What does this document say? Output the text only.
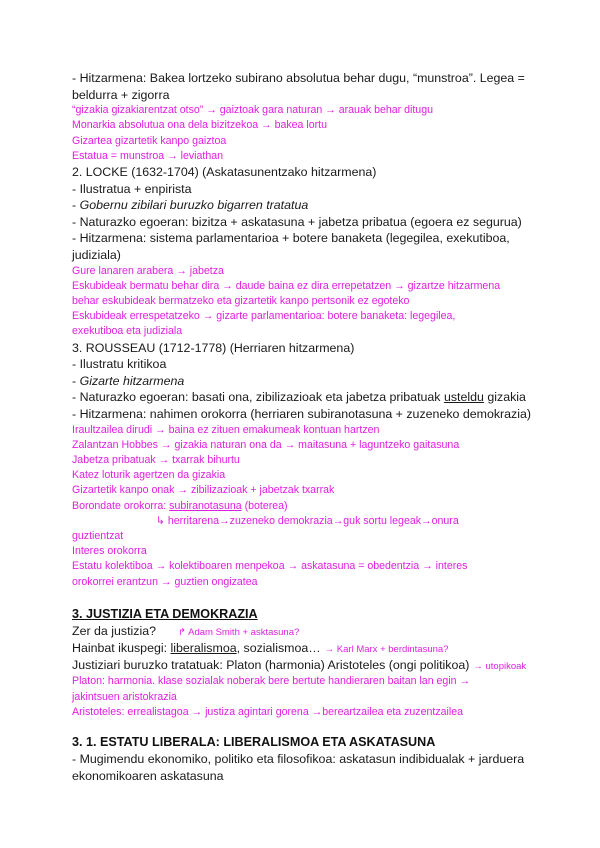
- Hitzarmena: Bakea lortzeko subirano absolutua behar dugu, “munstroa”. Legea =
beldurra + zigorra
“gizakia gizakiarentzat otso” → gaiztoak gara naturan → arauak behar ditugu
Monarkia absolutua ona dela bizitzekoa → bakea lortu
Gizartea gizartetik kanpo gaiztoa
Estatua = munstroa → leviathan
2. LOCKE (1632-1704) (Askatasunentzako hitzarmena)
- Ilustratua + enpirista
- Gobernu zibilari buruzko bigarren tratatua
- Naturazko egoeran: bizitza + askatasuna + jabetza pribatua (egoera ez segurua)
- Hitzarmena: sistema parlamentarioa + botere banaketa (legegilea, exekutiboa,
judiziala)
Gure lanaren arabera → jabetza
Eskubideak bermatu behar dira → daude baina ez dira errepetatzen → gizartze hitzarmena
behar eskubideak bermatzeko eta gizartetik kanpo pertsonik ez egoteko
Eskubideak errespetatzeko → gizarte parlamentarioa: botere banaketa: legegilea,
exekutiboa eta judiziala
3. ROUSSEAU (1712-1778) (Herriaren hitzarmena)
- Ilustratu kritikoa
- Gizarte hitzarmena
- Naturazko egoeran: basati ona, zibilizazioak eta jabetza pribatuak usteldu gizakia
- Hitzarmena: nahimen orokorra (herriaren subiranotasuna + zuzeneko demokrazia)
Iraultzailea dirudi → baina ez zituen emakumeak kontuan hartzen
Zalantzan Hobbes → gizakia naturan ona da → maitasuna + laguntzeko gaitasuna
Jabetza pribatuak → txarrak bihurtu
Katez loturik agertzen da gizakia
Gizartetik kanpo onak → zibilizazioak + jabetzak txarrak
Borondate orokorra: subiranotasuna (boterea)
↳ herritarena→zuzeneko demokrazia→guk sortu legeak→onura
guztientzat
Interes orokorra
Estatu kolektiboa → kolektiboaren menpekoa → askatasuna = obedentzia → interes
orokorrei erantzun → guztien ongizatea
3. JUSTIZIA ETA DEMOKRAZIA
Zer da justizia? ↱ Adam Smith + asktasuna?
Hainbat ikuspegi: liberalismoa, sozialismoa… → Karl Marx + berdintasuna?
Justiziari buruzko tratatuak: Platon (harmonia) Aristoteles (ongi politikoa) → utopikoak
Platon: harmonia. klase sozialak noberak bere bertute handieraren baitan lan egin →
jakintsuen aristokrazia
Aristoteles: errealistagoa → justiza agintari gorena →bereartzailea eta zuzentzailea
3. 1. ESTATU LIBERALA: LIBERALISMOA ETA ASKATASUNA
- Mugimendu ekonomiko, politiko eta filosofikoa: askatasun indibidualak + jarduera
ekonomikoaren askatasuna
